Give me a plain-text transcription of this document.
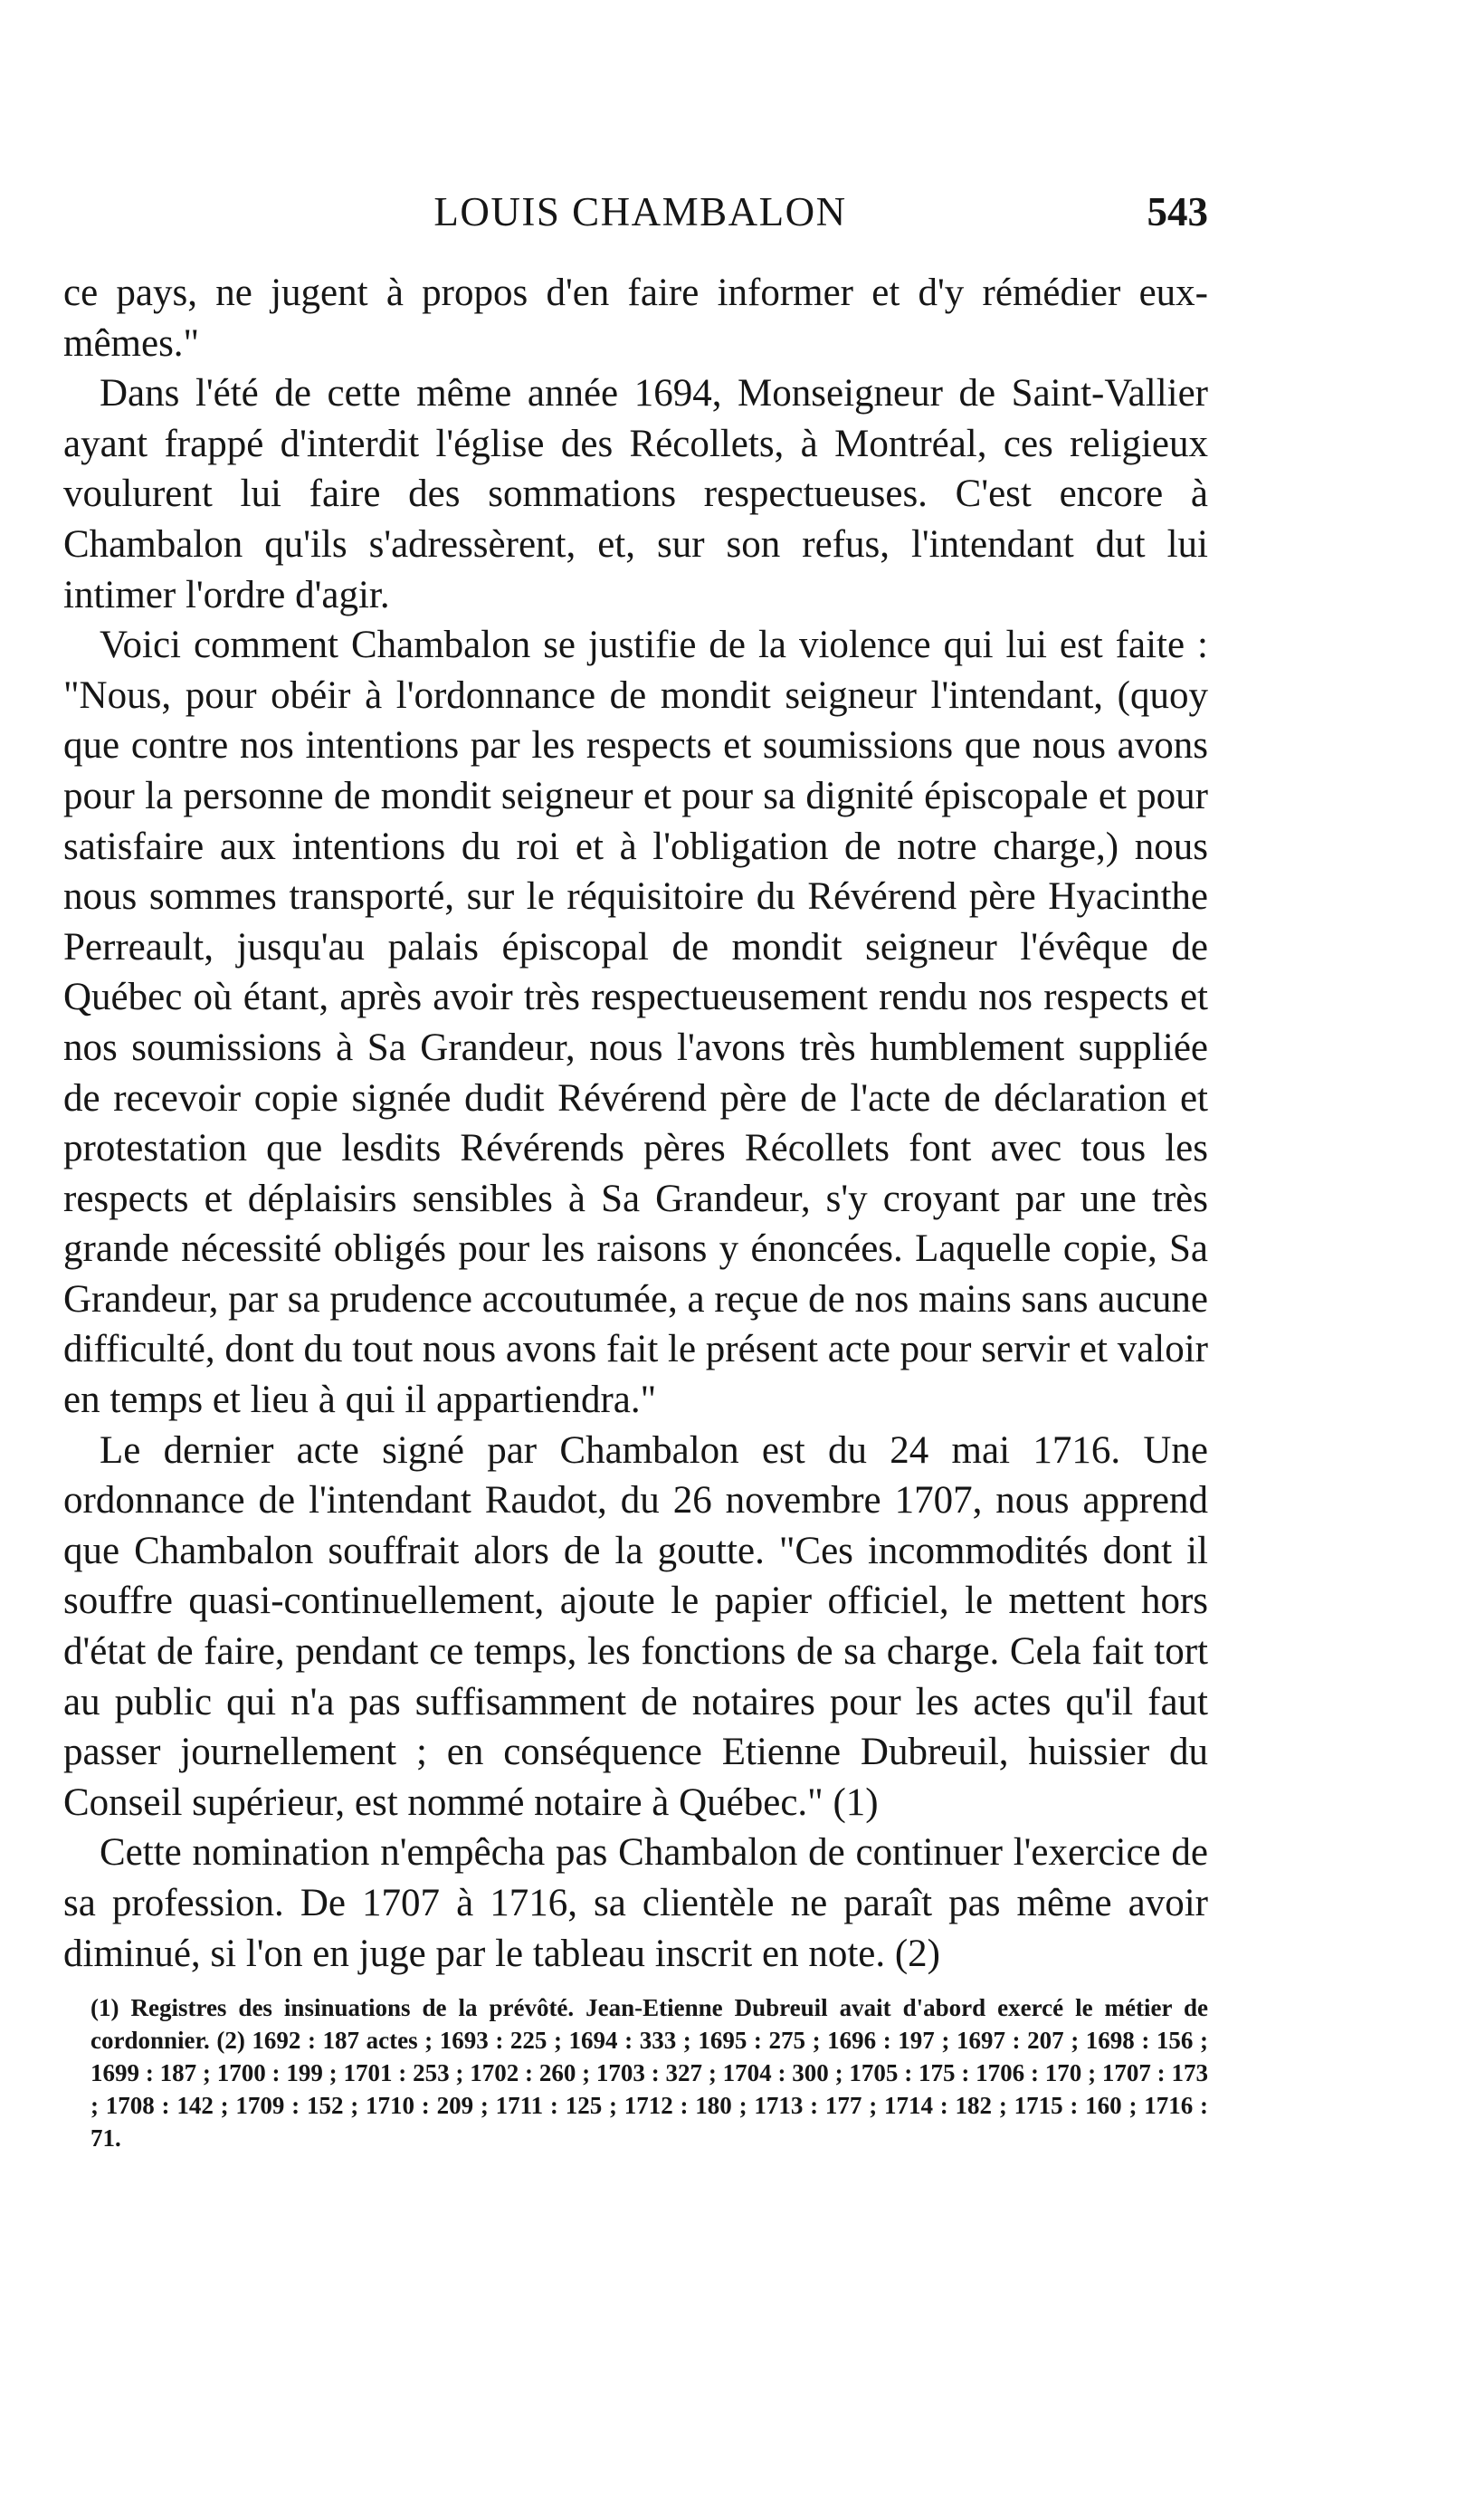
LOUIS CHAMBALON	543

ce pays, ne jugent à propos d'en faire informer et d'y rémédier eux-mêmes."

Dans l'été de cette même année 1694, Monseigneur de Saint-Vallier ayant frappé d'interdit l'église des Récollets, à Montréal, ces religieux voulurent lui faire des sommations respectueuses. C'est encore à Chambalon qu'ils s'adressèrent, et, sur son refus, l'intendant dut lui intimer l'ordre d'agir.

Voici comment Chambalon se justifie de la violence qui lui est faite : "Nous, pour obéir à l'ordonnance de mondit seigneur l'intendant, (quoy que contre nos intentions par les respects et soumissions que nous avons pour la personne de mondit seigneur et pour sa dignité épiscopale et pour satisfaire aux intentions du roi et à l'obligation de notre charge,) nous nous sommes transporté, sur le réquisitoire du Révérend père Hyacinthe Perreault, jusqu'au palais épiscopal de mondit seigneur l'évêque de Québec où étant, après avoir très respectueusement rendu nos respects et nos soumissions à Sa Grandeur, nous l'avons très humblement suppliée de recevoir copie signée dudit Révérend père de l'acte de déclaration et protestation que lesdits Révérends pères Récollets font avec tous les respects et déplaisirs sensibles à Sa Grandeur, s'y croyant par une très grande nécessité obligés pour les raisons y énoncées. Laquelle copie, Sa Grandeur, par sa prudence accoutumée, a reçue de nos mains sans aucune difficulté, dont du tout nous avons fait le présent acte pour servir et valoir en temps et lieu à qui il appartiendra."

Le dernier acte signé par Chambalon est du 24 mai 1716. Une ordonnance de l'intendant Raudot, du 26 novembre 1707, nous apprend que Chambalon souffrait alors de la goutte. "Ces incommodités dont il souffre quasi-continuellement, ajoute le papier officiel, le mettent hors d'état de faire, pendant ce temps, les fonctions de sa charge. Cela fait tort au public qui n'a pas suffisamment de notaires pour les actes qu'il faut passer journellement ; en conséquence Etienne Dubreuil, huissier du Conseil supérieur, est nommé notaire à Québec." (1)

Cette nomination n'empêcha pas Chambalon de continuer l'exercice de sa profession. De 1707 à 1716, sa clientèle ne paraît pas même avoir diminué, si l'on en juge par le tableau inscrit en note. (2)

(1) Registres des insinuations de la prévôté. Jean-Etienne Dubreuil avait d'abord exercé le métier de cordonnier. (2) 1692 : 187 actes ; 1693 : 225 ; 1694 : 333 ; 1695 : 275 ; 1696 : 197 ; 1697 : 207 ; 1698 : 156 ; 1699 : 187 ; 1700 : 199 ; 1701 : 253 ; 1702 : 260 ; 1703 : 327 ; 1704 : 300 ; 1705 : 175 : 1706 : 170 ; 1707 : 173 ; 1708 : 142 ; 1709 : 152 ; 1710 : 209 ; 1711 : 125 ; 1712 : 180 ; 1713 : 177 ; 1714 : 182 ; 1715 : 160 ; 1716 : 71.
